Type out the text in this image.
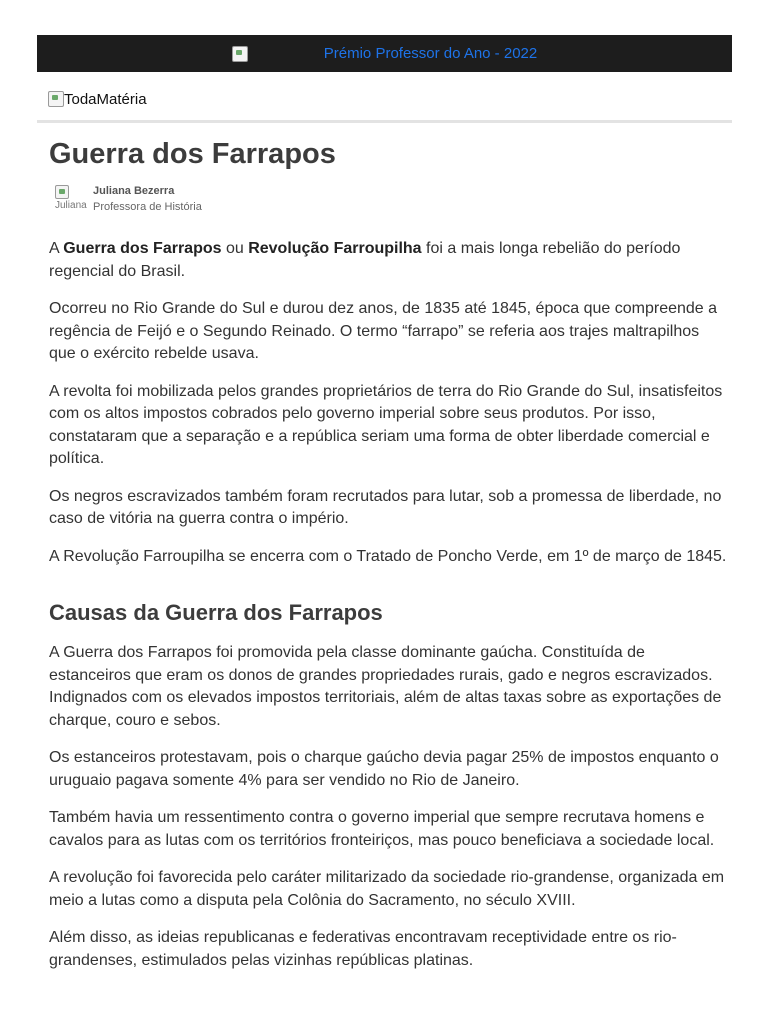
Prémio Professor do Ano - 2022
TodaMatéria
Guerra dos Farrapos
Juliana
Juliana Bezerra
Professora de História

A Guerra dos Farrapos ou Revolução Farroupilha foi a mais longa rebelião do período regencial do Brasil.

Ocorreu no Rio Grande do Sul e durou dez anos, de 1835 até 1845, época que compreende a regência de Feijó e o Segundo Reinado. O termo “farrapo” se referia aos trajes maltrapilhos que o exército rebelde usava.

A revolta foi mobilizada pelos grandes proprietários de terra do Rio Grande do Sul, insatisfeitos com os altos impostos cobrados pelo governo imperial sobre seus produtos. Por isso, constataram que a separação e a república seriam uma forma de obter liberdade comercial e política.

Os negros escravizados também foram recrutados para lutar, sob a promessa de liberdade, no caso de vitória na guerra contra o império.

A Revolução Farroupilha se encerra com o Tratado de Poncho Verde, em 1º de março de 1845.

Causas da Guerra dos Farrapos

A Guerra dos Farrapos foi promovida pela classe dominante gaúcha. Constituída de estanceiros que eram os donos de grandes propriedades rurais, gado e negros escravizados. Indignados com os elevados impostos territoriais, além de altas taxas sobre as exportações de charque, couro e sebos.

Os estanceiros protestavam, pois o charque gaúcho devia pagar 25% de impostos enquanto o uruguaio pagava somente 4% para ser vendido no Rio de Janeiro.

Também havia um ressentimento contra o governo imperial que sempre recrutava homens e cavalos para as lutas com os territórios fronteiriços, mas pouco beneficiava a sociedade local.

A revolução foi favorecida pelo caráter militarizado da sociedade rio-grandense, organizada em meio a lutas como a disputa pela Colônia do Sacramento, no século XVIII.

Além disso, as ideias republicanas e federativas encontravam receptividade entre os rio-grandenses, estimulados pelas vizinhas repúblicas platinas.
